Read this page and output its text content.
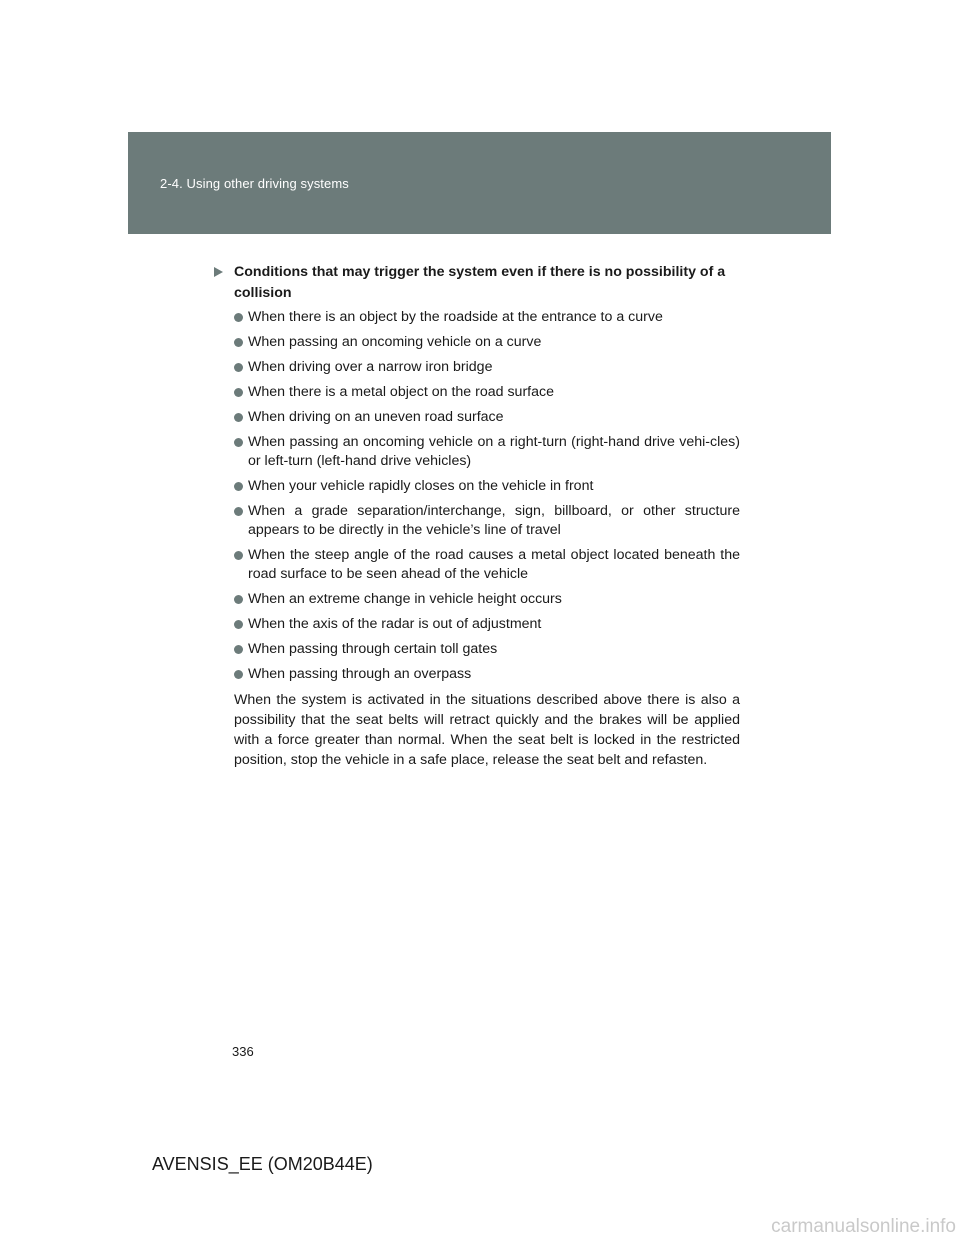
2-4. Using other driving systems
Conditions that may trigger the system even if there is no possibility of a collision
When there is an object by the roadside at the entrance to a curve
When passing an oncoming vehicle on a curve
When driving over a narrow iron bridge
When there is a metal object on the road surface
When driving on an uneven road surface
When passing an oncoming vehicle on a right-turn (right-hand drive vehi-cles) or left-turn (left-hand drive vehicles)
When your vehicle rapidly closes on the vehicle in front
When a grade separation/interchange, sign, billboard, or other structure appears to be directly in the vehicle’s line of travel
When the steep angle of the road causes a metal object located beneath the road surface to be seen ahead of the vehicle
When an extreme change in vehicle height occurs
When the axis of the radar is out of adjustment
When passing through certain toll gates
When passing through an overpass

When the system is activated in the situations described above there is also a possibility that the seat belts will retract quickly and the brakes will be applied with a force greater than normal. When the seat belt is locked in the restricted position, stop the vehicle in a safe place, release the seat belt and refasten.

336
AVENSIS_EE (OM20B44E)
carmanualsonline.info
